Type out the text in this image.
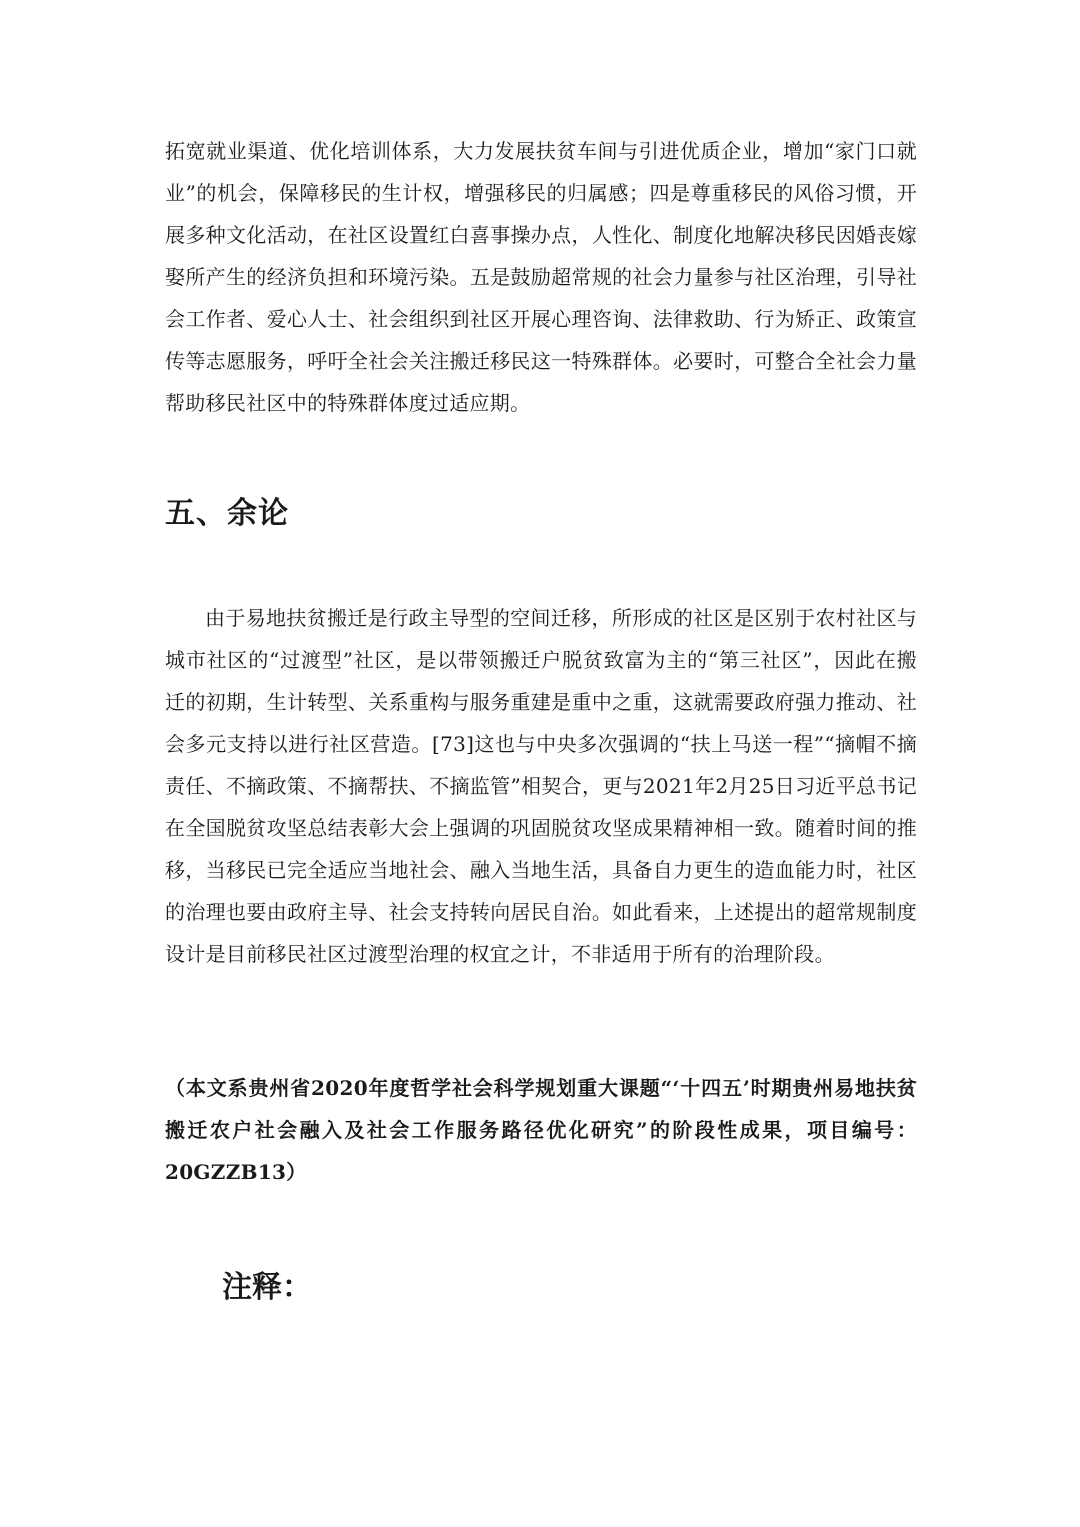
拓宽就业渠道、优化培训体系，大力发展扶贫车间与引进优质企业，增加“家门口就业”的机会，保障移民的生计权，增强移民的归属感；四是尊重移民的风俗习惯，开展多种文化活动，在社区设置红白喜事操办点，人性化、制度化地解决移民因婚丧嫁娶所产生的经济负担和环境污染。五是鼓励超常规的社会力量参与社区治理，引导社会工作者、爱心人士、社会组织到社区开展心理咨询、法律救助、行为矫正、政策宣传等志愿服务，呼吁全社会关注搬迁移民这一特殊群体。必要时，可整合全社会力量帮助移民社区中的特殊群体度过适应期。

五、余论

由于易地扶贫搬迁是行政主导型的空间迁移，所形成的社区是区别于农村社区与城市社区的“过渡型”社区，是以带领搬迁户脱贫致富为主的“第三社区”，因此在搬迁的初期，生计转型、关系重构与服务重建是重中之重，这就需要政府强力推动、社会多元支持以进行社区营造。[73]这也与中央多次强调的“扶上马送一程”“摘帽不摘责任、不摘政策、不摘帮扶、不摘监管”相契合，更与2021年2月25日习近平总书记在全国脱贫攻坚总结表彰大会上强调的巩固脱贫攻坚成果精神相一致。随着时间的推移，当移民已完全适应当地社会、融入当地生活，具备自力更生的造血能力时，社区的治理也要由政府主导、社会支持转向居民自治。如此看来，上述提出的超常规制度设计是目前移民社区过渡型治理的权宜之计，不非适用于所有的治理阶段。

（本文系贵州省2020年度哲学社会科学规划重大课题“‘十四五’时期贵州易地扶贫搬迁农户社会融入及社会工作服务路径优化研究”的阶段性成果，项目编号：20GZZB13）

注释：
